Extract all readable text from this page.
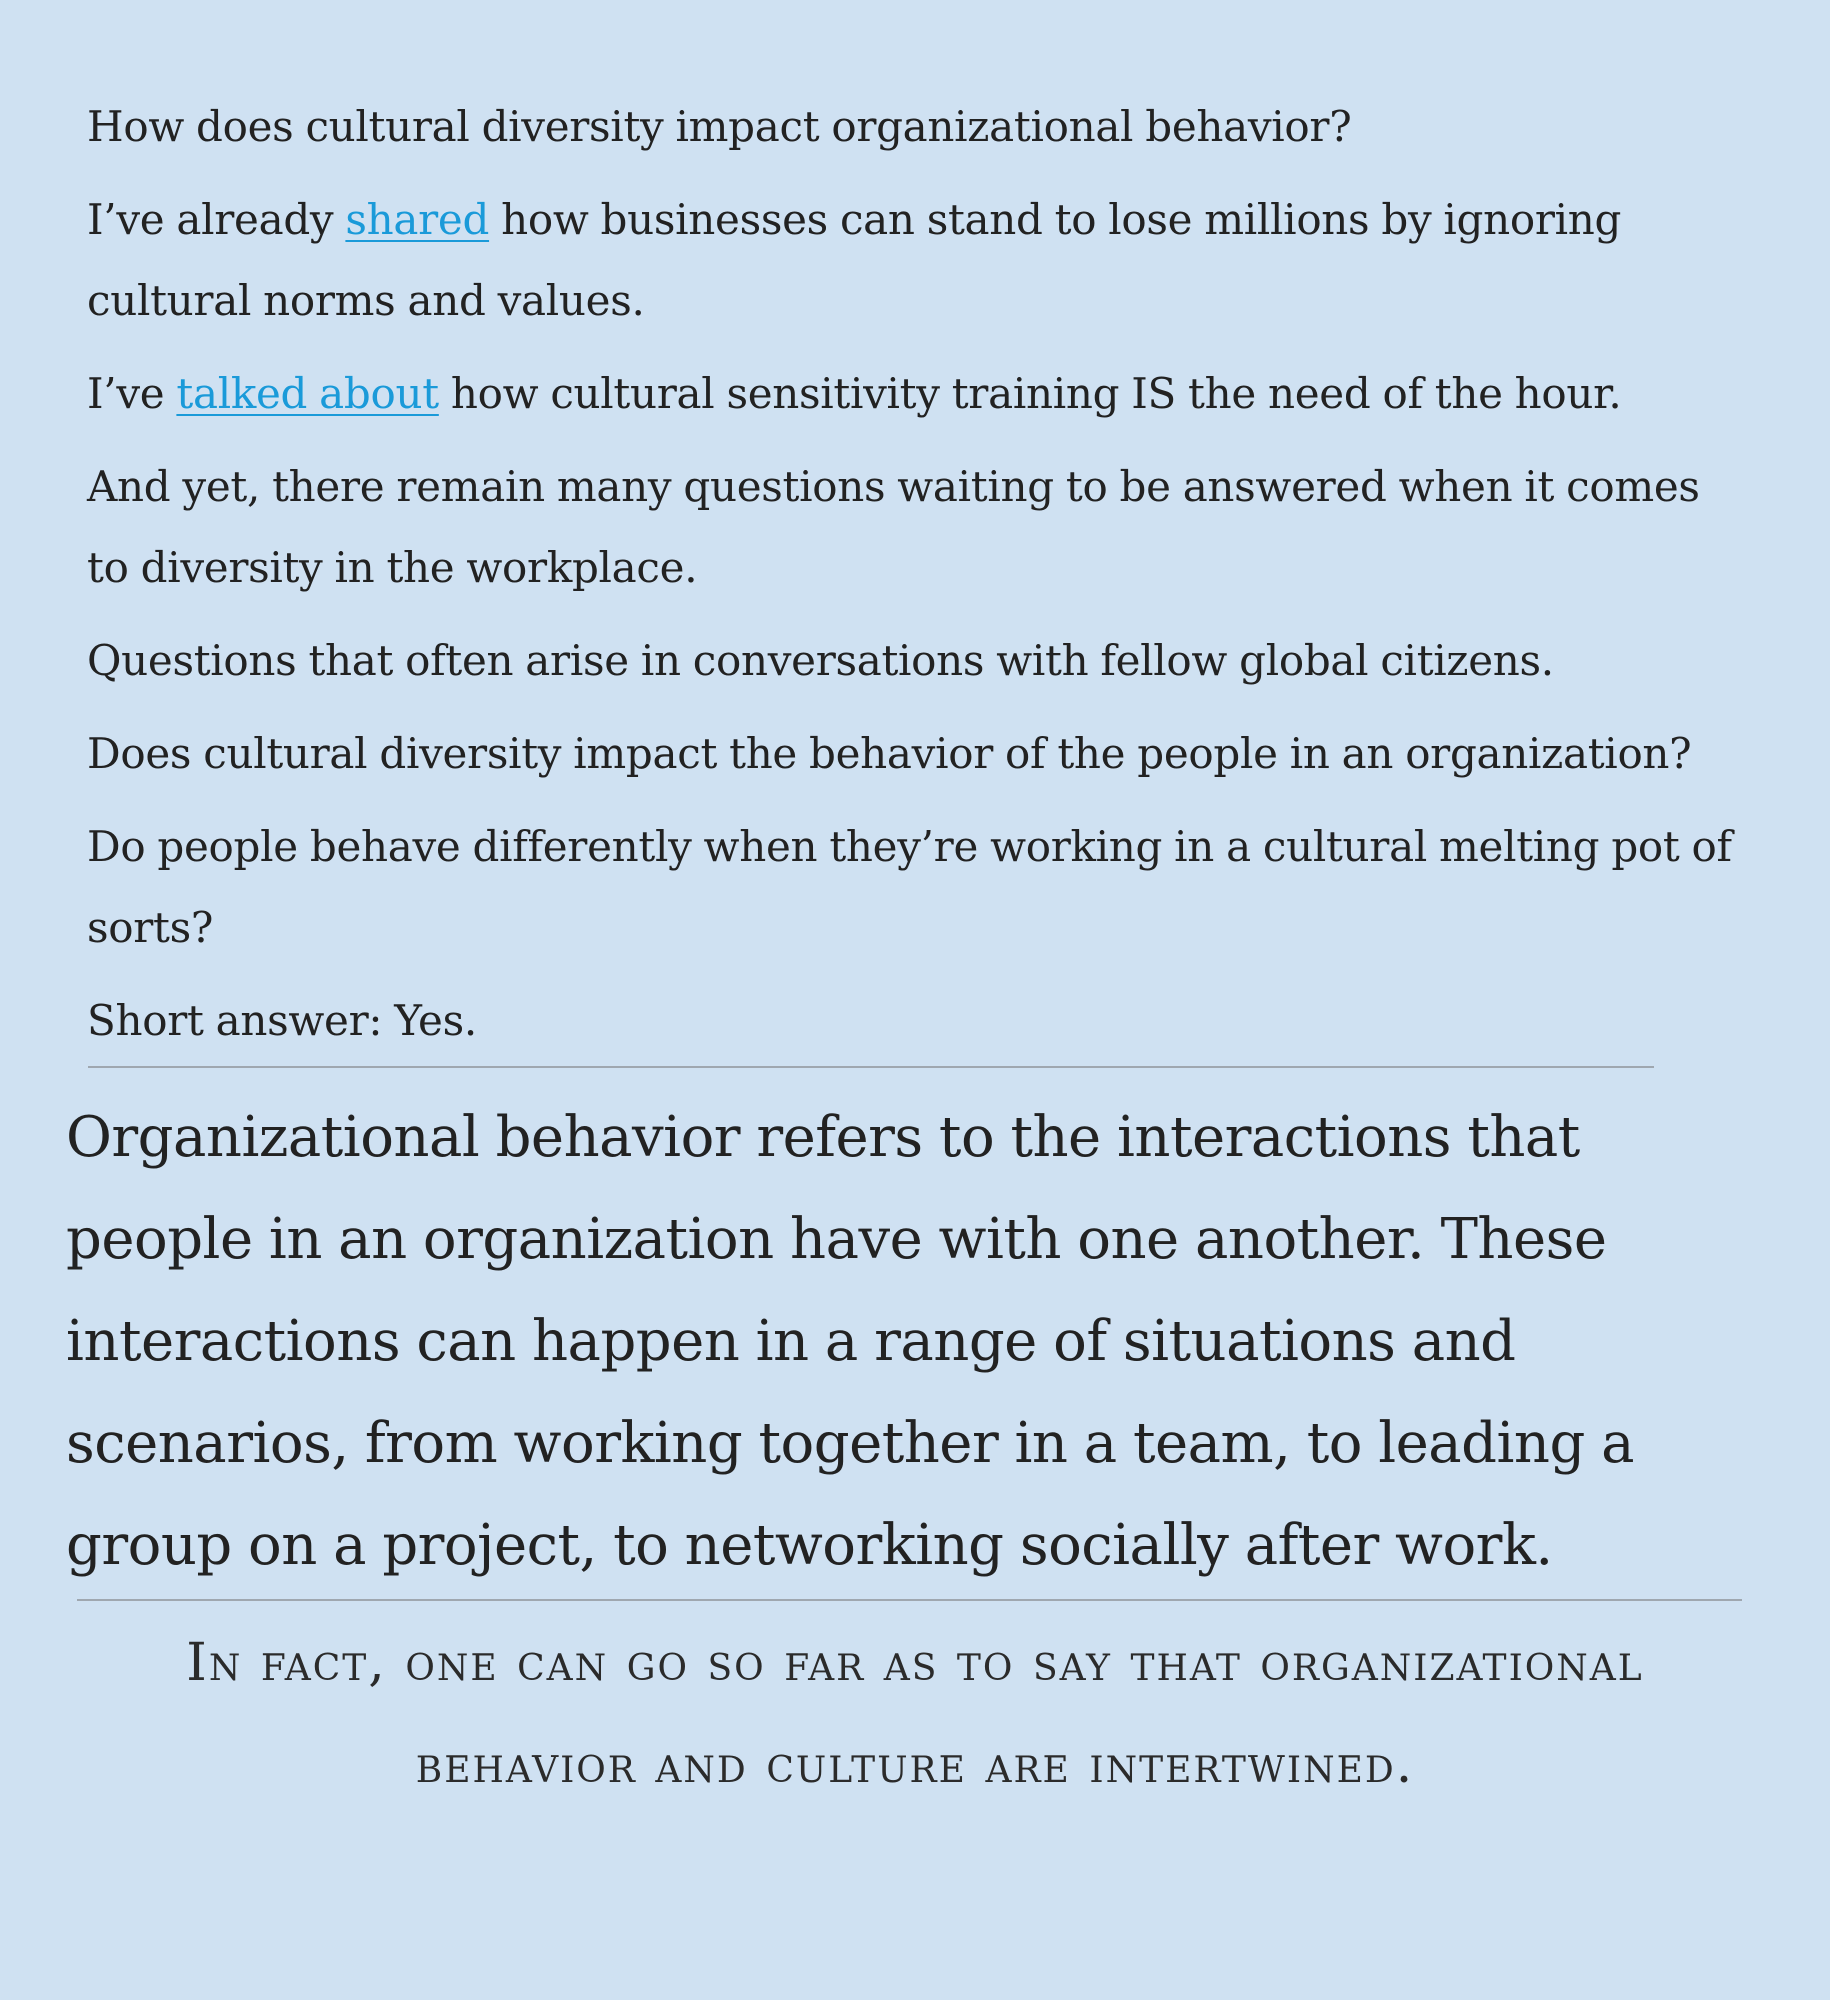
How does cultural diversity impact organizational behavior?

I’ve already shared how businesses can stand to lose millions by ignoring cultural norms and values.

I’ve talked about how cultural sensitivity training IS the need of the hour.

And yet, there remain many questions waiting to be answered when it comes to diversity in the workplace.

Questions that often arise in conversations with fellow global citizens.

Does cultural diversity impact the behavior of the people in an organization?

Do people behave differently when they’re working in a cultural melting pot of sorts?

Short answer: Yes.

Organizational behavior refers to the interactions that people in an organization have with one another. These interactions can happen in a range of situations and scenarios, from working together in a team, to leading a group on a project, to networking socially after work.

In fact, one can go so far as to say that organizational behavior and culture are intertwined.
